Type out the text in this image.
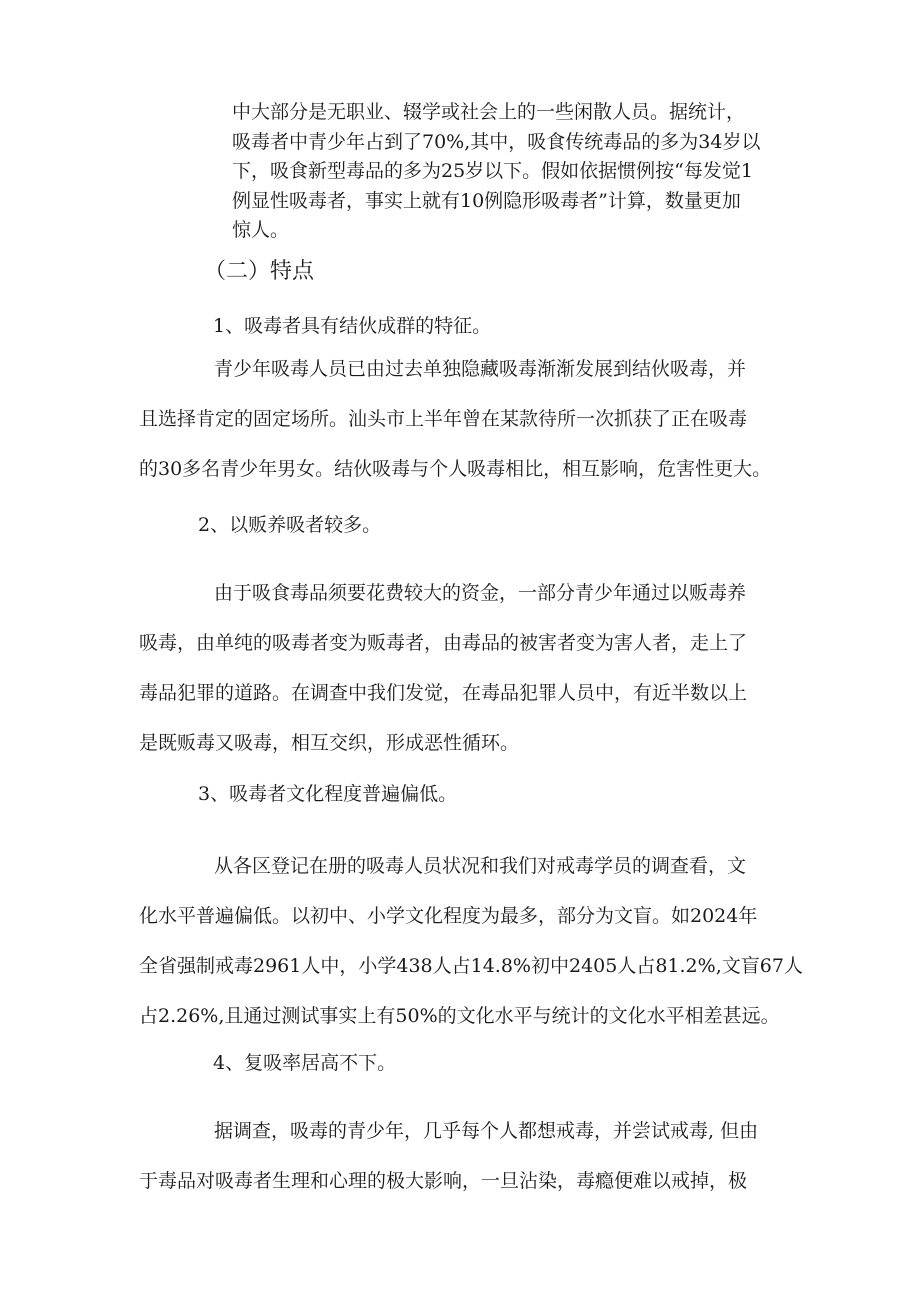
中大部分是无职业、辍学或社会上的一些闲散人员。据统计，
吸毒者中青少年占到了70%,其中，吸食传统毒品的多为34岁以
下，吸食新型毒品的多为25岁以下。假如依据惯例按“每发觉1
例显性吸毒者，事实上就有10例隐形吸毒者”计算，数量更加
惊人。
（二）特点
1、吸毒者具有结伙成群的特征。
青少年吸毒人员已由过去单独隐藏吸毒渐渐发展到结伙吸毒，并
且选择肯定的固定场所。汕头市上半年曾在某款待所一次抓获了正在吸毒
的30多名青少年男女。结伙吸毒与个人吸毒相比，相互影响，危害性更大。
2、以贩养吸者较多。
由于吸食毒品须要花费较大的资金，一部分青少年通过以贩毒养
吸毒，由单纯的吸毒者变为贩毒者，由毒品的被害者变为害人者，走上了
毒品犯罪的道路。在调查中我们发觉，在毒品犯罪人员中，有近半数以上
是既贩毒又吸毒，相互交织，形成恶性循环。
3、吸毒者文化程度普遍偏低。
从各区登记在册的吸毒人员状况和我们对戒毒学员的调查看，文
化水平普遍偏低。以初中、小学文化程度为最多，部分为文盲。如2024年
全省强制戒毒2961人中，小学438人占14.8%初中2405人占81.2%,文盲67人
占2.26%,且通过测试事实上有50%的文化水平与统计的文化水平相差甚远。
4、复吸率居高不下。
据调查，吸毒的青少年，几乎每个人都想戒毒，并尝试戒毒, 但由
于毒品对吸毒者生理和心理的极大影响，一旦沾染，毒瘾便难以戒掉，极
